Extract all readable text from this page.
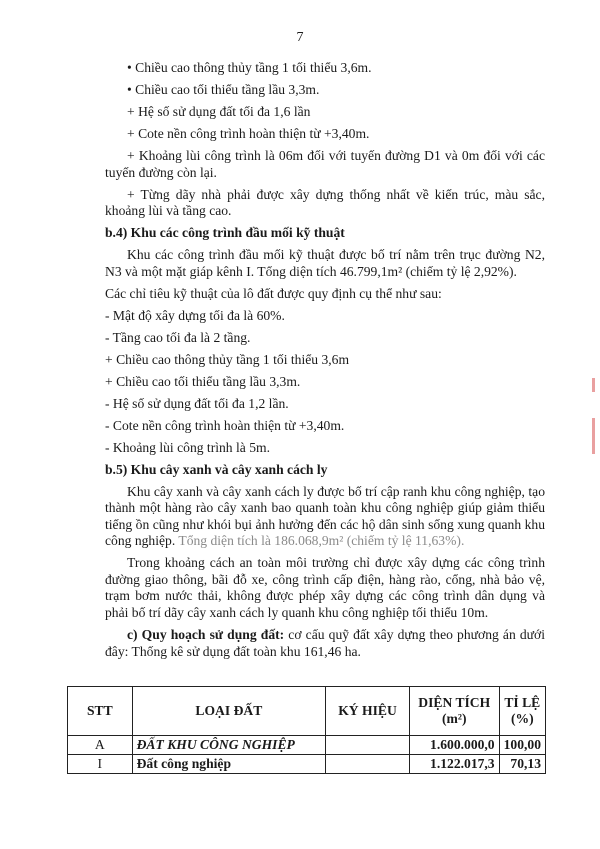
7

• Chiều cao thông thủy tầng 1 tối thiểu 3,6m.

• Chiều cao tối thiểu tầng lầu 3,3m.

+ Hệ số sử dụng đất tối đa 1,6 lần

+ Cote nền công trình hoàn thiện từ +3,40m.

+ Khoảng lùi công trình là 06m đối với tuyến đường D1 và 0m đối với các tuyến đường còn lại.

+ Từng dãy nhà phải được xây dựng thống nhất về kiến trúc, màu sắc, khoảng lùi và tầng cao.

b.4) Khu các công trình đầu mối kỹ thuật

Khu các công trình đầu mối kỹ thuật được bố trí nằm trên trục đường N2, N3 và một mặt giáp kênh I. Tổng diện tích 46.799,1m² (chiếm tỷ lệ 2,92%).

Các chỉ tiêu kỹ thuật của lô đất được quy định cụ thể như sau:

- Mật độ xây dựng tối đa là 60%.

- Tầng cao tối đa là 2 tầng.

+ Chiều cao thông thủy tầng 1 tối thiểu 3,6m

+ Chiều cao tối thiểu tầng lầu 3,3m.

- Hệ số sử dụng đất tối đa 1,2 lần.

- Cote nền công trình hoàn thiện từ +3,40m.

- Khoảng lùi công trình là 5m.

b.5) Khu cây xanh và cây xanh cách ly

Khu cây xanh và cây xanh cách ly được bố trí cập ranh khu công nghiệp, tạo thành một hàng rào cây xanh bao quanh toàn khu công nghiệp giúp giảm thiểu tiếng ồn cũng như khói bụi ảnh hưởng đến các hộ dân sinh sống xung quanh khu công nghiệp. Tổng diện tích là 186.068,9m² (chiếm tỷ lệ 11,63%).

Trong khoảng cách an toàn môi trường chỉ được xây dựng các công trình đường giao thông, bãi đỗ xe, công trình cấp điện, hàng rào, cổng, nhà bảo vệ, trạm bơm nước thải, không được phép xây dựng các công trình dân dụng và phải bố trí dãy cây xanh cách ly quanh khu công nghiệp tối thiểu 10m.

c) Quy hoạch sử dụng đất: cơ cấu quỹ đất xây dựng theo phương án dưới đây: Thống kê sử dụng đất toàn khu 161,46 ha.

STT	LOẠI ĐẤT	KÝ HIỆU	DIỆN TÍCH (m²)	TỈ LỆ (%)
A	ĐẤT KHU CÔNG NGHIỆP		1.600.000,0	100,00
I	Đất công nghiệp		1.122.017,3	70,13
